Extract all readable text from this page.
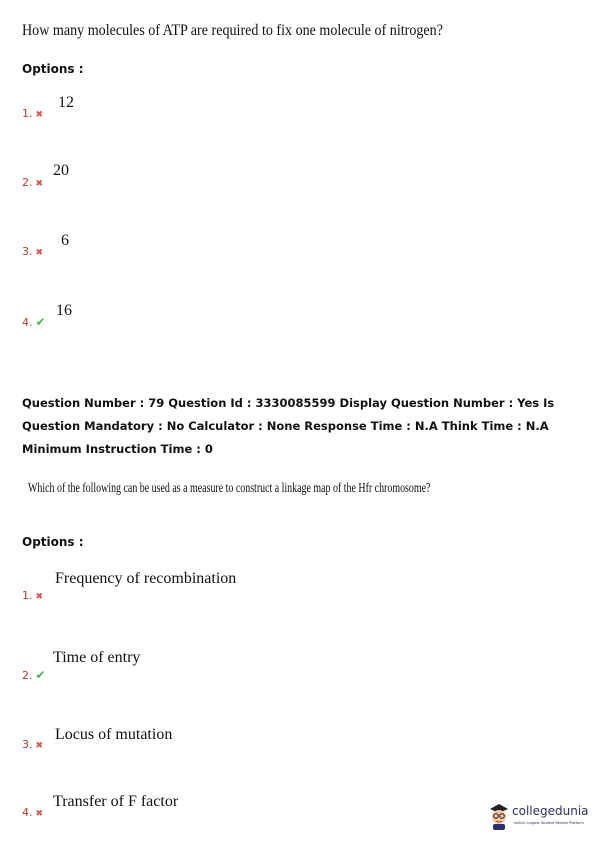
How many molecules of ATP are required to fix one molecule of nitrogen?
Options :
1. ✖
12
2. ✖
20
3. ✖
6
4. ✔
16
Question Number : 79 Question Id : 3330085599 Display Question Number : Yes Is Question Mandatory : No Calculator : None Response Time : N.A Think Time : N.A Minimum Instruction Time : 0
Which of the following can be used as a measure to construct a linkage map of the Hfr chromosome?
Options :
Frequency of recombination
1. ✖
Time of entry
2. ✔
Locus of mutation
3. ✖
Transfer of F factor
4. ✖	collegedunia
India's Largest Student Review Platform
